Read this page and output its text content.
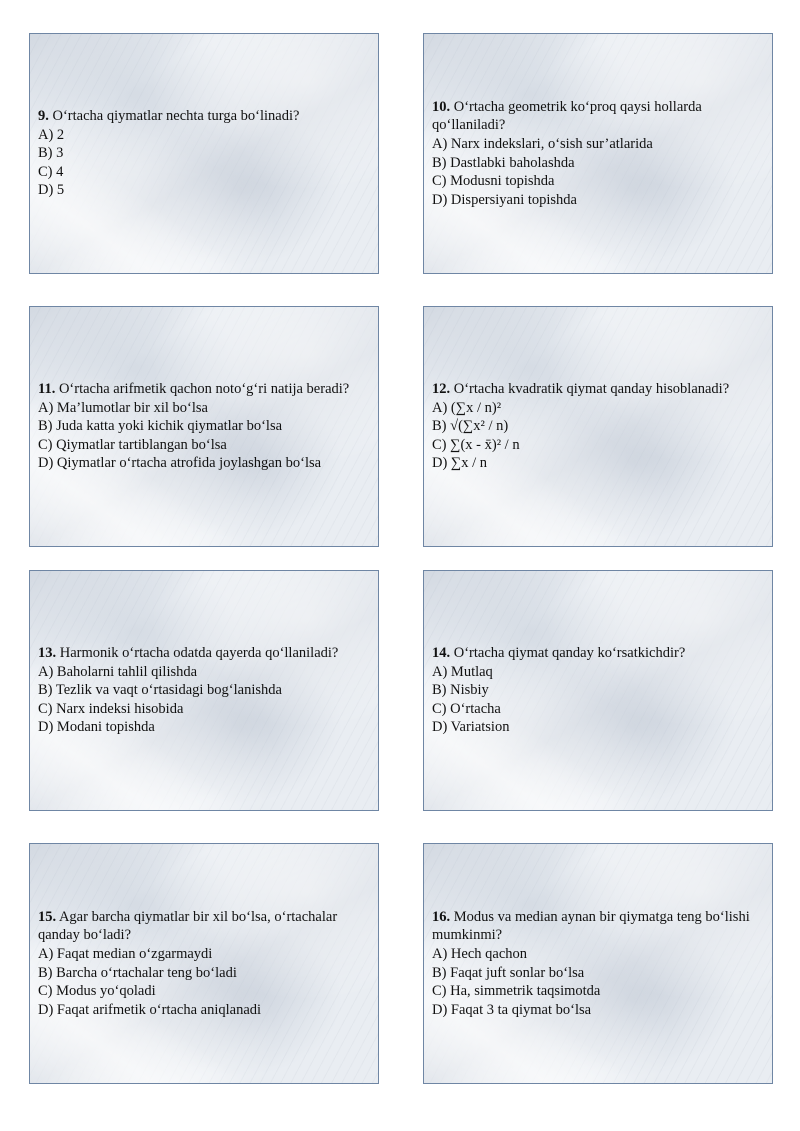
9. O‘rtacha qiymatlar nechta turga bo‘linadi?
A) 2
B) 3
C) 4
D) 5
10. O‘rtacha geometrik ko‘proq qaysi hollarda qo‘llaniladi?
A) Narx indekslari, o‘sish sur’atlarida
B) Dastlabki baholashda
C) Modusni topishda
D) Dispersiyani topishda
11. O‘rtacha arifmetik qachon noto‘g‘ri natija beradi?
A) Ma’lumotlar bir xil bo‘lsa
B) Juda katta yoki kichik qiymatlar bo‘lsa
C) Qiymatlar tartiblangan bo‘lsa
D) Qiymatlar o‘rtacha atrofida joylashgan bo‘lsa
12. O‘rtacha kvadratik qiymat qanday hisoblanadi?
A) (∑x / n)²
B) √(∑x² / n)
C) ∑(x - x̄)² / n
D) ∑x / n
13. Harmonik o‘rtacha odatda qayerda qo‘llaniladi?
A) Baholarni tahlil qilishda
B) Tezlik va vaqt o‘rtasidagi bog‘lanishda
C) Narx indeksi hisobida
D) Modani topishda
14. O‘rtacha qiymat qanday ko‘rsatkichdir?
A) Mutlaq
B) Nisbiy
C) O‘rtacha
D) Variatsion
15. Agar barcha qiymatlar bir xil bo‘lsa, o‘rtachalar qanday bo‘ladi?
A) Faqat median o‘zgarmaydi
B) Barcha o‘rtachalar teng bo‘ladi
C) Modus yo‘qoladi
D) Faqat arifmetik o‘rtacha aniqlanadi
16. Modus va median aynan bir qiymatga teng bo‘lishi mumkinmi?
A) Hech qachon
B) Faqat juft sonlar bo‘lsa
C) Ha, simmetrik taqsimotda
D) Faqat 3 ta qiymat bo‘lsa
